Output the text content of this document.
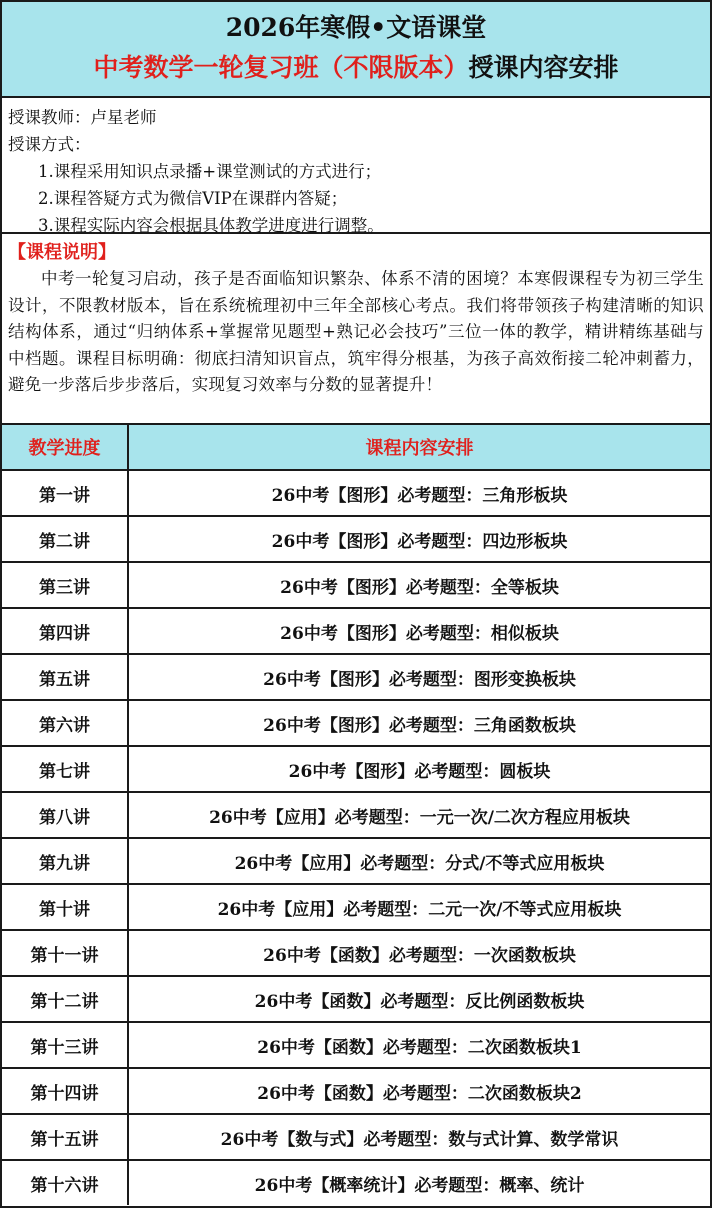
2026年寒假•文语课堂
中考数学一轮复习班（不限版本）授课内容安排
授课教师：卢星老师
授课方式：
1.课程采用知识点录播+课堂测试的方式进行；
2.课程答疑方式为微信VIP在课群内答疑；
3.课程实际内容会根据具体教学进度进行调整。
【课程说明】
中考一轮复习启动，孩子是否面临知识繁杂、体系不清的困境？本寒假课程专为初三学生设计，不限教材版本，旨在系统梳理初中三年全部核心考点。我们将带领孩子构建清晰的知识结构体系，通过“归纳体系+掌握常见题型+熟记必会技巧”三位一体的教学，精讲精练基础与中档题。课程目标明确：彻底扫清知识盲点，筑牢得分根基，为孩子高效衔接二轮冲刺蓄力，避免一步落后步步落后，实现复习效率与分数的显著提升！
教学进度	课程内容安排
第一讲	26中考【图形】必考题型：三角形板块
第二讲	26中考【图形】必考题型：四边形板块
第三讲	26中考【图形】必考题型：全等板块
第四讲	26中考【图形】必考题型：相似板块
第五讲	26中考【图形】必考题型：图形变换板块
第六讲	26中考【图形】必考题型：三角函数板块
第七讲	26中考【图形】必考题型：圆板块
第八讲	26中考【应用】必考题型：一元一次/二次方程应用板块
第九讲	26中考【应用】必考题型：分式/不等式应用板块
第十讲	26中考【应用】必考题型：二元一次/不等式应用板块
第十一讲	26中考【函数】必考题型：一次函数板块
第十二讲	26中考【函数】必考题型：反比例函数板块
第十三讲	26中考【函数】必考题型：二次函数板块1
第十四讲	26中考【函数】必考题型：二次函数板块2
第十五讲	26中考【数与式】必考题型：数与式计算、数学常识
第十六讲	26中考【概率统计】必考题型：概率、统计
